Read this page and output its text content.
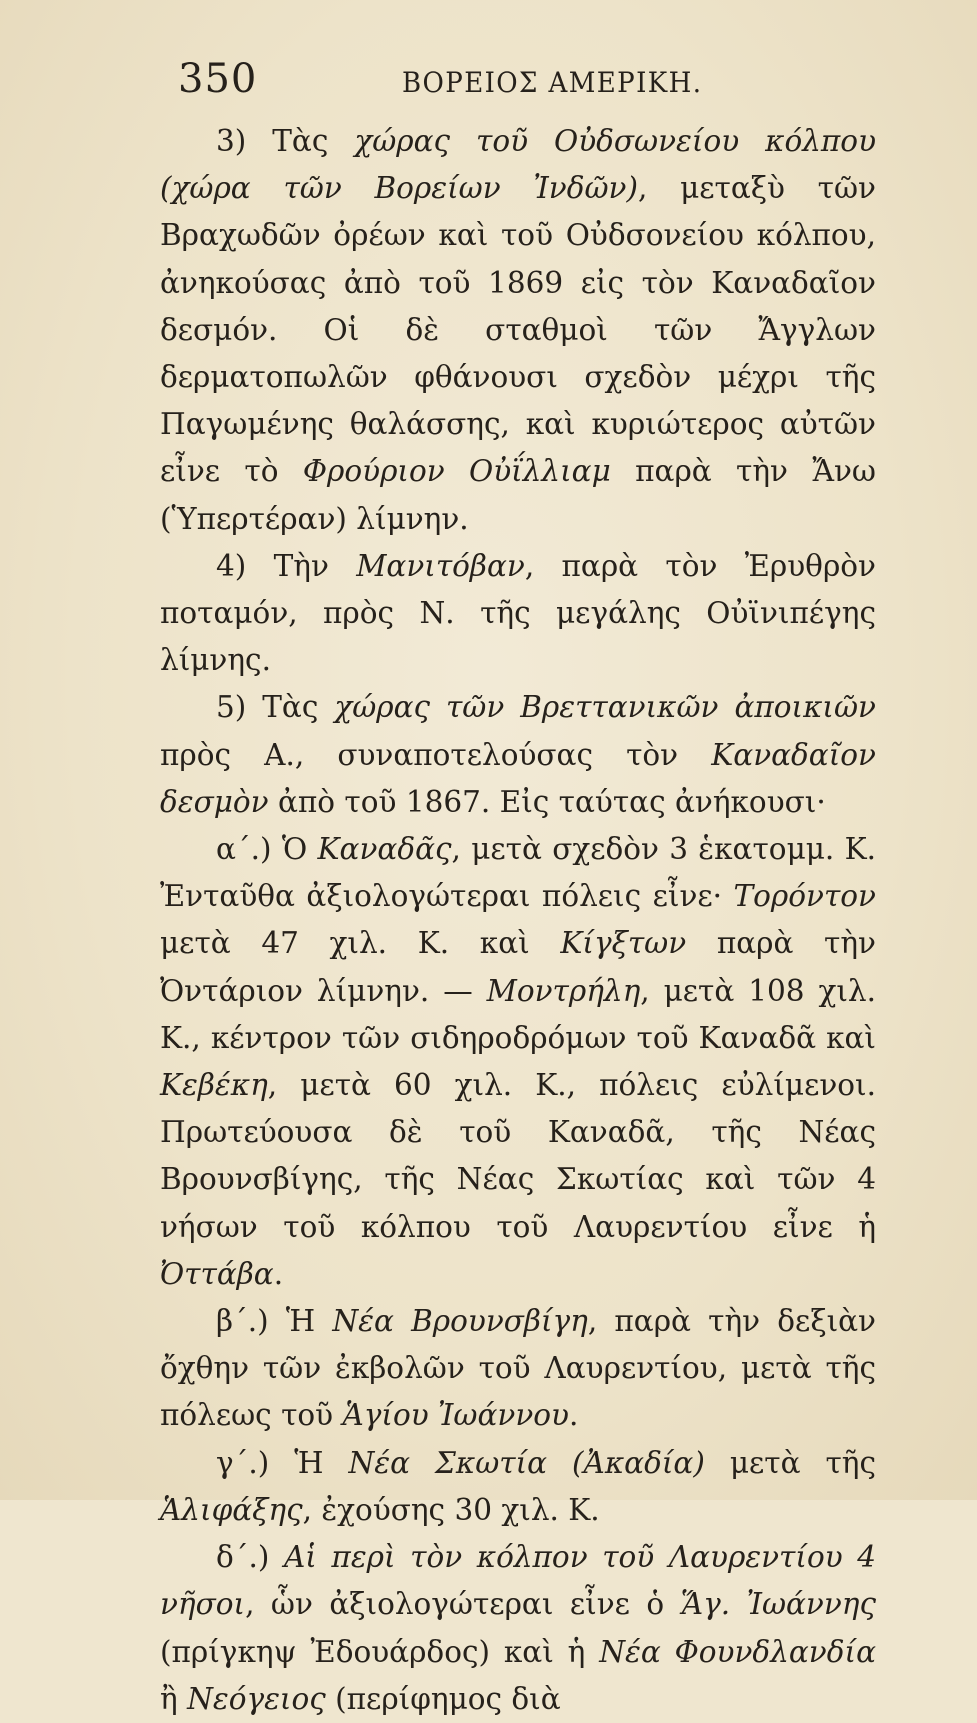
350	ΒΟΡΕΙΟΣ ΑΜΕΡΙΚΗ.

3) Τὰς χώρας τοῦ Οὐδσωνείου κόλπου (χώρα τῶν Βορείων Ἰνδῶν), μεταξὺ τῶν Βραχωδῶν ὀρέων καὶ τοῦ Οὐδσονείου κόλπου, ἀνηκούσας ἀπὸ τοῦ 1869 εἰς τὸν Καναδαῖον δεσμόν. Οἱ δὲ σταθμοὶ τῶν Ἄγγλων δερματοπωλῶν φθάνουσι σχεδὸν μέχρι τῆς Παγωμένης θαλάσσης, καὶ κυριώτερος αὐτῶν εἶνε τὸ Φρούριον Οὐΐλλιαμ παρὰ τὴν Ἄνω (Ὑπερτέραν) λίμνην.

4) Τὴν Μανιτόβαν, παρὰ τὸν Ἐρυθρὸν ποταμόν, πρὸς Ν. τῆς μεγάλης Οὐϊνιπέγης λίμνης.

5) Τὰς χώρας τῶν Βρεττανικῶν ἀποικιῶν πρὸς Α., συναποτελούσας τὸν Καναδαῖον δεσμὸν ἀπὸ τοῦ 1867. Εἰς ταύτας ἀνήκουσι·

α΄.) Ὁ Καναδᾶς, μετὰ σχεδὸν 3 ἑκατομμ. Κ. Ἐνταῦθα ἀξιολογώτεραι πόλεις εἶνε· Τορόντον μετὰ 47 χιλ. Κ. καὶ Κίγξτων παρὰ τὴν Ὀντάριον λίμνην. — Μοντρήλη, μετὰ 108 χιλ. Κ., κέντρον τῶν σιδηροδρόμων τοῦ Καναδᾶ καὶ Κεβέκη, μετὰ 60 χιλ. Κ., πόλεις εὐλίμενοι. Πρωτεύουσα δὲ τοῦ Καναδᾶ, τῆς Νέας Βρουνσβίγης, τῆς Νέας Σκωτίας καὶ τῶν 4 νήσων τοῦ κόλπου τοῦ Λαυρεντίου εἶνε ἡ Ὀττάβα.

β΄.) Ἡ Νέα Βρουνσβίγη, παρὰ τὴν δεξιὰν ὄχθην τῶν ἐκβολῶν τοῦ Λαυρεντίου, μετὰ τῆς πόλεως τοῦ Ἁγίου Ἰωάννου.

γ΄.) Ἡ Νέα Σκωτία (Ἀκαδία) μετὰ τῆς Ἁλιφάξης, ἐχούσης 30 χιλ. Κ.

δ΄.) Αἱ περὶ τὸν κόλπον τοῦ Λαυρεντίου 4 νῆσοι, ὧν ἀξιολογώτεραι εἶνε ὁ Ἅγ. Ἰωάννης (πρίγκηψ Ἐδουάρδος) καὶ ἡ Νέα Φουνδλανδία ἢ Νεόγειος (περίφημος διὰ
